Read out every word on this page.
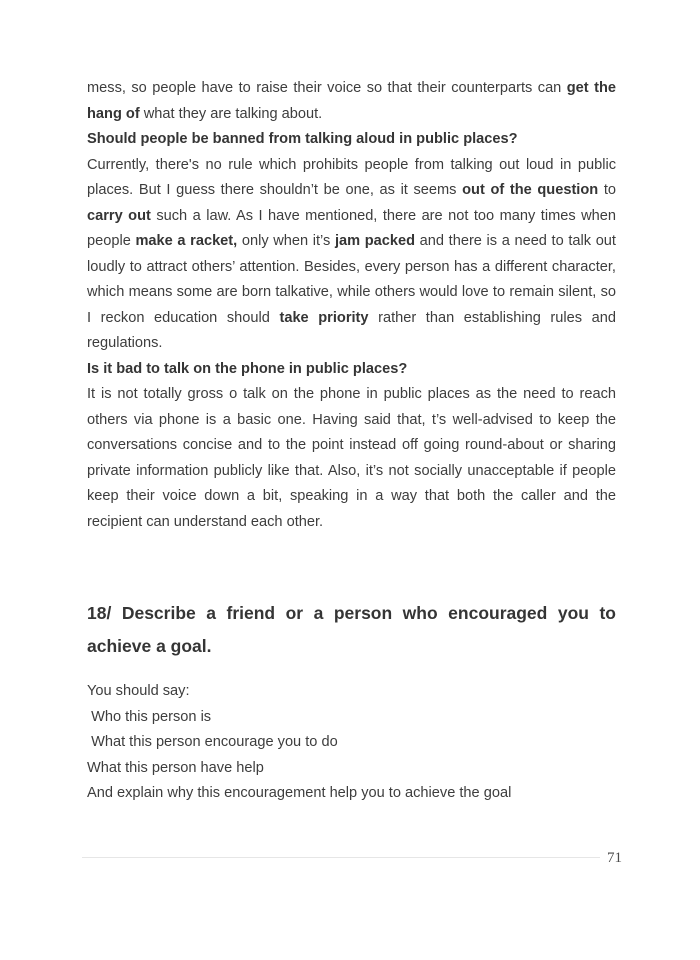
mess, so people have to raise their voice so that their counterparts can get the hang of what they are talking about.
Should people be banned from talking aloud in public places?
Currently, there's no rule which prohibits people from talking out loud in public places. But I guess there shouldn’t be one, as it seems out of the question to carry out such a law. As I have mentioned, there are not too many times when people make a racket, only when it’s jam packed and there is a need to talk out loudly to attract others’ attention. Besides, every person has a different character, which means some are born talkative, while others would love to remain silent, so I reckon education should take priority rather than establishing rules and regulations.
Is it bad to talk on the phone in public places?
It is not totally gross o talk on the phone in public places as the need to reach others via phone is a basic one. Having said that, t’s well-advised to keep the conversations concise and to the point instead off going round-about or sharing private information publicly like that. Also, it’s not socially unacceptable if people keep their voice down a bit, speaking in a way that both the caller and the recipient can understand each other.
18/ Describe a friend or a person who encouraged you to achieve a goal.
You should say:
Who this person is
What this person encourage you to do
What this person have help
And explain why this encouragement help you to achieve the goal
71
